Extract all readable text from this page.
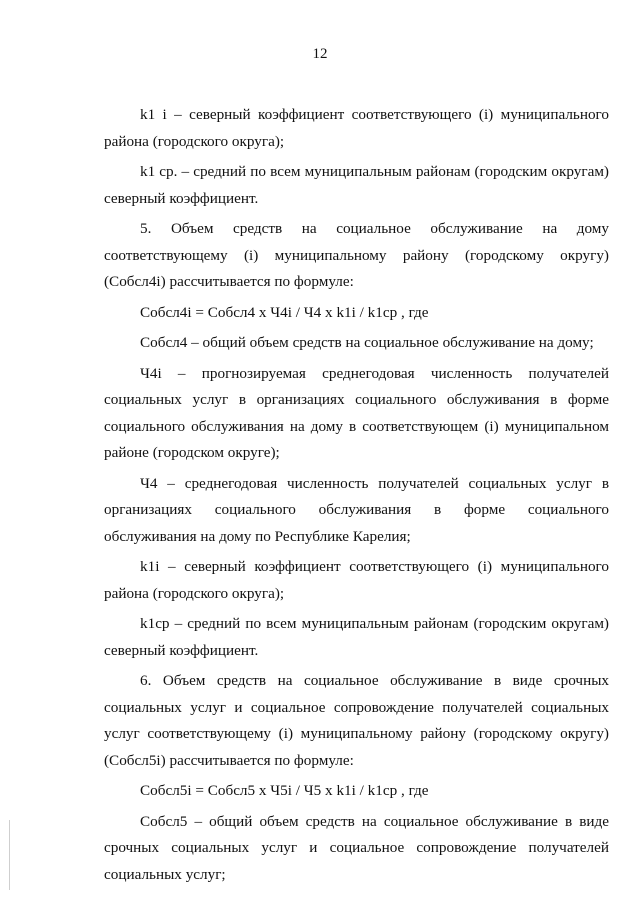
12

k1 i – северный коэффициент соответствующего (i) муниципального района (городского округа);

k1 ср. – средний по всем муниципальным районам (городским округам) северный коэффициент.

5. Объем средств на социальное обслуживание на дому соответствующему (i) муниципальному району (городскому округу) (Собсл4i) рассчитывается по формуле:

Собсл4i = Собсл4 х Ч4i / Ч4 х k1i / k1ср , где

Собсл4 – общий объем средств на социальное обслуживание на дому;

Ч4i – прогнозируемая среднегодовая численность получателей социальных услуг в организациях социального обслуживания в форме социального обслуживания на дому в соответствующем (i) муниципальном районе (городском округе);

Ч4 – среднегодовая численность получателей социальных услуг в организациях социального обслуживания в форме социального обслуживания на дому по Республике Карелия;

k1i – северный коэффициент соответствующего (i) муниципального района (городского округа);

k1ср – средний по всем муниципальным районам (городским округам) северный коэффициент.

6. Объем средств на социальное обслуживание в виде срочных социальных услуг и социальное сопровождение получателей социальных услуг соответствующему (i) муниципальному району (городскому округу) (Собсл5i) рассчитывается по формуле:

Собсл5i = Собсл5 х Ч5i / Ч5 х k1i / k1ср , где

Собсл5 – общий объем средств на социальное обслуживание в виде срочных социальных услуг и социальное сопровождение получателей социальных услуг;
